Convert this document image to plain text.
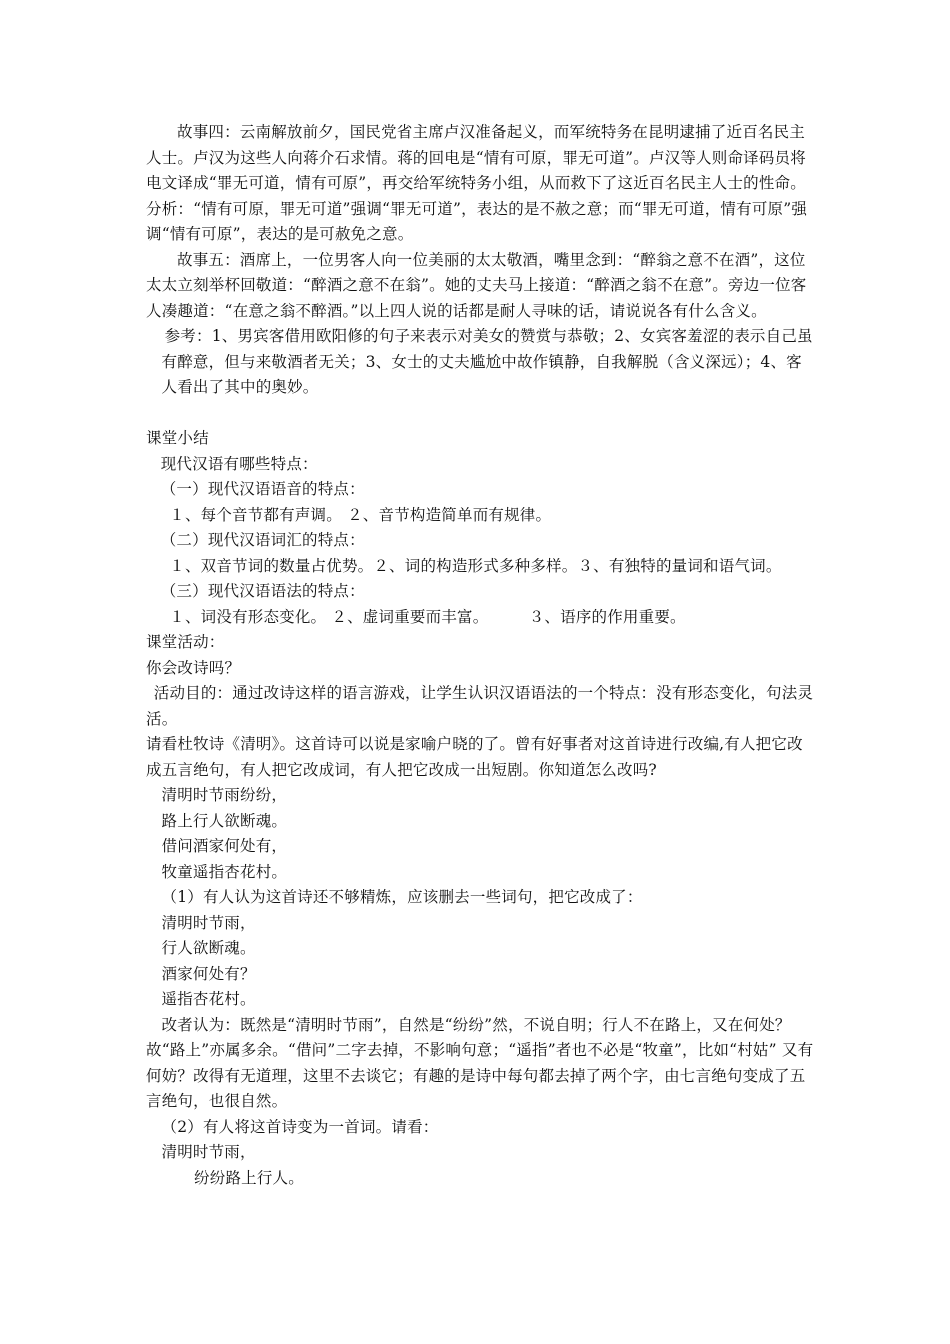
故事四：云南解放前夕，国民党省主席卢汉准备起义，而军统特务在昆明逮捕了近百名民主人士。卢汉为这些人向蒋介石求情。蒋的回电是“情有可原，罪无可道”。卢汉等人则命译码员将电文译成“罪无可道，情有可原”，再交给军统特务小组，从而救下了这近百名民主人士的性命。

分析：“情有可原，罪无可道”强调“罪无可道”，表达的是不赦之意；而“罪无可道，情有可原”强调“情有可原”，表达的是可赦免之意。

故事五：酒席上，一位男客人向一位美丽的太太敬酒，嘴里念到：“醉翁之意不在酒”，这位太太立刻举杯回敬道：“醉酒之意不在翁”。她的丈夫马上接道：“醉酒之翁不在意”。旁边一位客人凑趣道：“在意之翁不醉酒。”以上四人说的话都是耐人寻味的话，请说说各有什么含义。

参考：1、男宾客借用欧阳修的句子来表示对美女的赞赏与恭敬；2、女宾客羞涩的表示自己虽有醉意，但与来敬酒者无关；3、女士的丈夫尴尬中故作镇静，自我解脱（含义深远）；4、客人看出了其中的奥妙。

课堂小结

现代汉语有哪些特点：

（一）现代汉语语音的特点：

１、每个音节都有声调。 ２、音节构造简单而有规律。

（二）现代汉语词汇的特点：

１、双音节词的数量占优势。２、词的构造形式多种多样。３、有独特的量词和语气词。

（三）现代汉语语法的特点：

１、词没有形态变化。 ２、虚词重要而丰富。	３、语序的作用重要。

课堂活动：

你会改诗吗？

活动目的：通过改诗这样的语言游戏，让学生认识汉语语法的一个特点：没有形态变化，句法灵活。

请看杜牧诗《清明》。这首诗可以说是家喻户晓的了。曾有好事者对这首诗进行改编,有人把它改成五言绝句，有人把它改成词，有人把它改成一出短剧。你知道怎么改吗?

清明时节雨纷纷，

路上行人欲断魂。

借问酒家何处有，

牧童遥指杏花村。

（1）有人认为这首诗还不够精炼，应该删去一些词句，把它改成了：

清明时节雨，

行人欲断魂。

酒家何处有？

遥指杏花村。

改者认为：既然是“清明时节雨”，自然是“纷纷”然，不说自明；行人不在路上，又在何处？故“路上”亦属多余。“借问”二字去掉，不影响句意；“遥指”者也不必是“牧童”，比如“村姑” 又有何妨？改得有无道理，这里不去谈它；有趣的是诗中每句都去掉了两个字，由七言绝句变成了五言绝句，也很自然。

（2）有人将这首诗变为一首词。请看：

清明时节雨，

纷纷路上行人。
